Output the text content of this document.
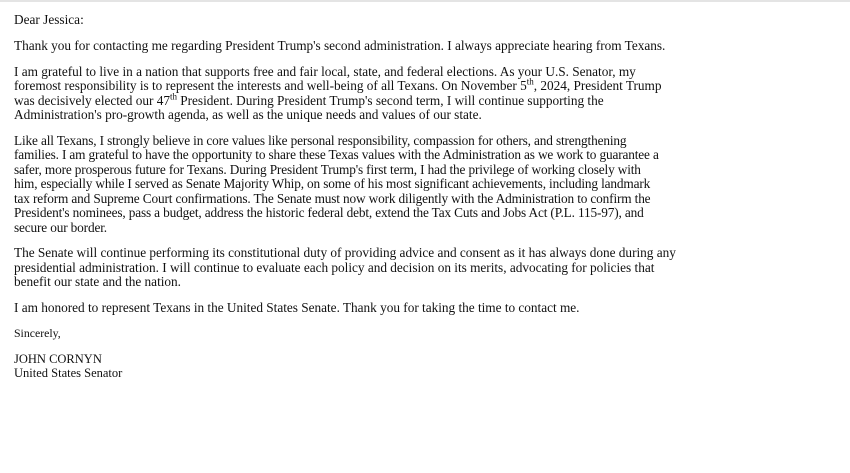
Dear Jessica:

Thank you for contacting me regarding President Trump's second administration. I always appreciate hearing from Texans.

I am grateful to live in a nation that supports free and fair local, state, and federal elections. As your U.S. Senator, my
foremost responsibility is to represent the interests and well-being of all Texans. On November 5th, 2024, President Trump
was decisively elected our 47th President. During President Trump's second term, I will continue supporting the
Administration's pro-growth agenda, as well as the unique needs and values of our state.

Like all Texans, I strongly believe in core values like personal responsibility, compassion for others, and strengthening
families. I am grateful to have the opportunity to share these Texas values with the Administration as we work to guarantee a
safer, more prosperous future for Texans. During President Trump's first term, I had the privilege of working closely with
him, especially while I served as Senate Majority Whip, on some of his most significant achievements, including landmark
tax reform and Supreme Court confirmations. The Senate must now work diligently with the Administration to confirm the
President's nominees, pass a budget, address the historic federal debt, extend the Tax Cuts and Jobs Act (P.L. 115-97), and
secure our border.

The Senate will continue performing its constitutional duty of providing advice and consent as it has always done during any
presidential administration. I will continue to evaluate each policy and decision on its merits, advocating for policies that
benefit our state and the nation.

I am honored to represent Texans in the United States Senate. Thank you for taking the time to contact me.

Sincerely,

JOHN CORNYN

United States Senator
